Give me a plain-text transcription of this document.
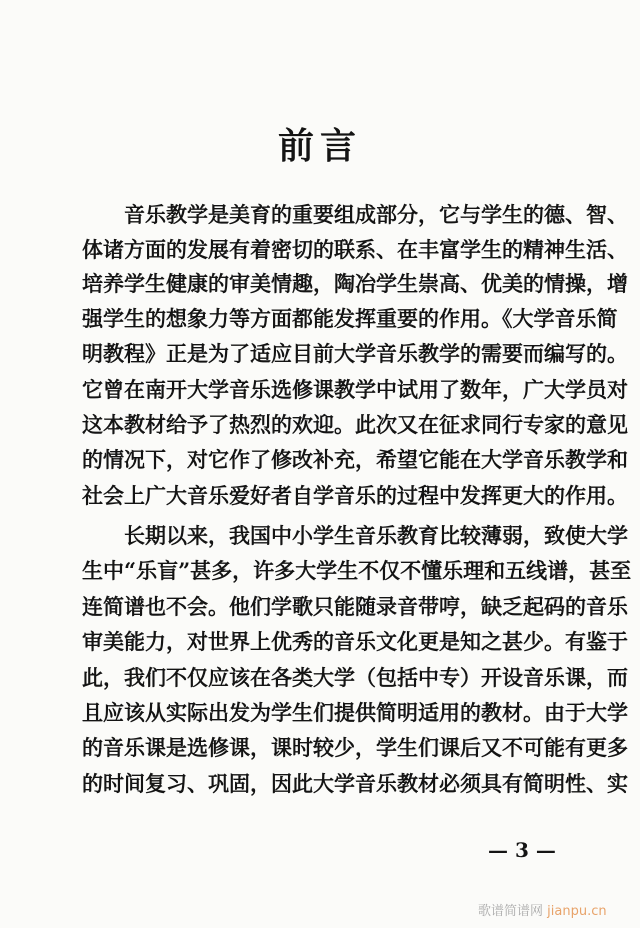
前言
音乐教学是美育的重要组成部分，它与学生的德、智、
体诸方面的发展有着密切的联系、在丰富学生的精神生活、
培养学生健康的审美情趣，陶冶学生崇高、优美的情操，增
强学生的想象力等方面都能发挥重要的作用。《大学音乐简
明教程》正是为了适应目前大学音乐教学的需要而编写的。
它曾在南开大学音乐选修课教学中试用了数年，广大学员对
这本教材给予了热烈的欢迎。此次又在征求同行专家的意见
的情况下，对它作了修改补充，希望它能在大学音乐教学和
社会上广大音乐爱好者自学音乐的过程中发挥更大的作用。
长期以来，我国中小学生音乐教育比较薄弱，致使大学
生中“乐盲”甚多，许多大学生不仅不懂乐理和五线谱，甚至
连简谱也不会。他们学歌只能随录音带哼，缺乏起码的音乐
审美能力，对世界上优秀的音乐文化更是知之甚少。有鉴于
此，我们不仅应该在各类大学（包括中专）开设音乐课，而
且应该从实际出发为学生们提供简明适用的教材。由于大学
的音乐课是选修课，课时较少，学生们课后又不可能有更多
的时间复习、巩固，因此大学音乐教材必须具有简明性、实
— 3 —
歌谱简谱网 jianpu.cn
